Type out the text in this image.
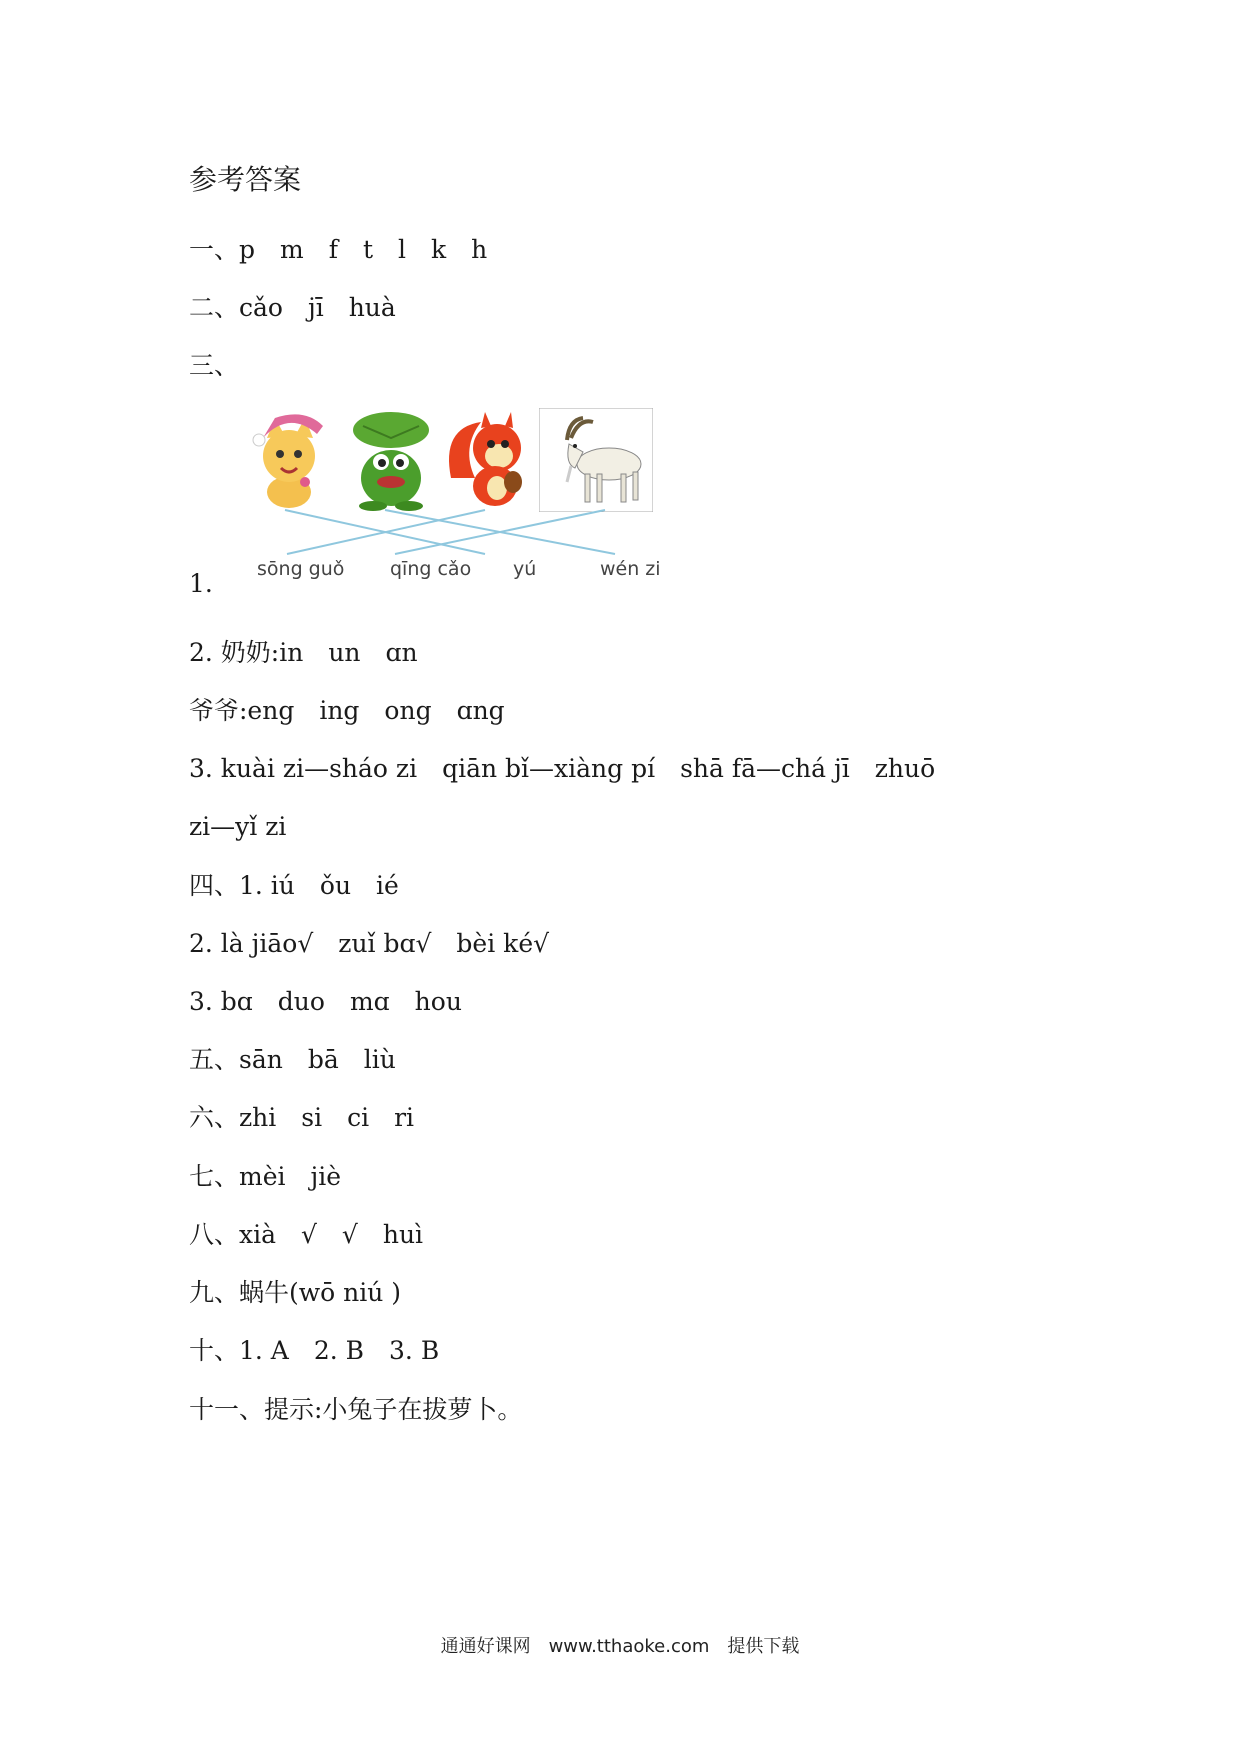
参考答案
一、p　m　f　t　l　k　h
二、cǎo　jī　huà
三、
sōng guǒ qīng cǎo yú	wén zi
1.
2. 奶奶:in　un　ɑn
爷爷:eng　ing　ong　ɑng
3. kuài zi—sháo zi　qiān bǐ—xiàng pí　shā fā—chá jī　zhuō
zi—yǐ zi
四、1. iú　ǒu　ié
2. là jiāo√　zuǐ bɑ√　bèi ké√
3. bɑ　duo　mɑ　hou
五、sān　bā　liù
六、zhi　si　ci　ri
七、mèi　jiè
八、xià　√　√　huì
九、蜗牛(wō niú )
十、1. A　2. B　3. B
十一、提示:小兔子在拔萝卜。
通通好课网　www.tthaoke.com　提供下载
